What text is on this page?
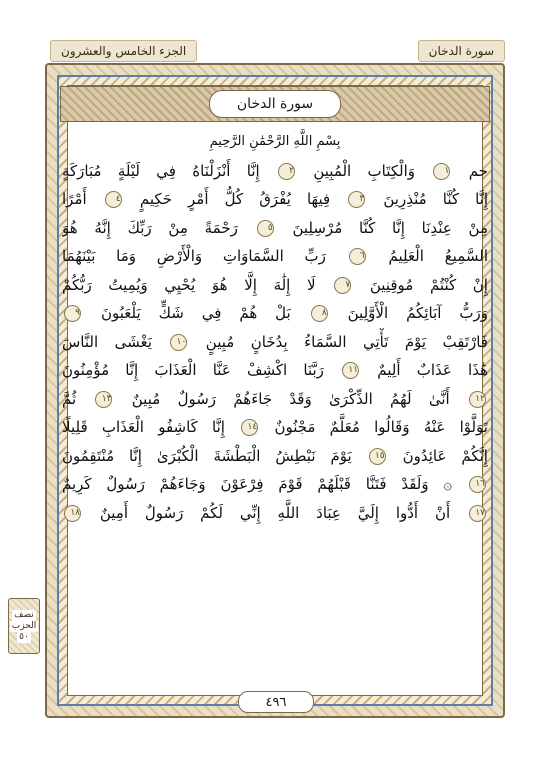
سورة الدخان
الجزء الخامس والعشرون
سورة الدخان
بِسْمِ اللَّهِ الرَّحْمَٰنِ الرَّحِيمِ
حم ١ وَالْكِتَابِ الْمُبِينِ ٢ إِنَّا أَنْزَلْنَاهُ فِي لَيْلَةٍ مُبَارَكَةٍ
إِنَّا كُنَّا مُنْذِرِينَ ٣ فِيهَا يُفْرَقُ كُلُّ أَمْرٍ حَكِيمٍ ٤ أَمْرًا
مِنْ عِنْدِنَا إِنَّا كُنَّا مُرْسِلِينَ ٥ رَحْمَةً مِنْ رَبِّكَ إِنَّهُ هُوَ
السَّمِيعُ الْعَلِيمُ ٦ رَبِّ السَّمَاوَاتِ وَالْأَرْضِ وَمَا بَيْنَهُمَا
إِنْ كُنْتُمْ مُوقِنِينَ ٧ لَا إِلَٰهَ إِلَّا هُوَ يُحْيِي وَيُمِيتُ رَبُّكُمْ
وَرَبُّ آبَائِكُمُ الْأَوَّلِينَ ٨ بَلْ هُمْ فِي شَكٍّ يَلْعَبُونَ ٩
فَارْتَقِبْ يَوْمَ تَأْتِي السَّمَاءُ بِدُخَانٍ مُبِينٍ ١٠ يَغْشَى النَّاسَ
هَٰذَا عَذَابٌ أَلِيمٌ ١١ رَبَّنَا اكْشِفْ عَنَّا الْعَذَابَ إِنَّا مُؤْمِنُونَ
١٢ أَنَّىٰ لَهُمُ الذِّكْرَىٰ وَقَدْ جَاءَهُمْ رَسُولٌ مُبِينٌ ١٣ ثُمَّ
تَوَلَّوْا عَنْهُ وَقَالُوا مُعَلَّمٌ مَجْنُونٌ ١٤ إِنَّا كَاشِفُو الْعَذَابِ قَلِيلًا
إِنَّكُمْ عَائِدُونَ ١٥ يَوْمَ نَبْطِشُ الْبَطْشَةَ الْكُبْرَىٰ إِنَّا مُنْتَقِمُونَ
١٦ ۞ وَلَقَدْ فَتَنَّا قَبْلَهُمْ قَوْمَ فِرْعَوْنَ وَجَاءَهُمْ رَسُولٌ كَرِيمٌ
١٧ أَنْ أَدُّوا إِلَيَّ عِبَادَ اللَّهِ إِنِّي لَكُمْ رَسُولٌ أَمِينٌ ١٨
نصف
الحزب
٥٠
٤٩٦
